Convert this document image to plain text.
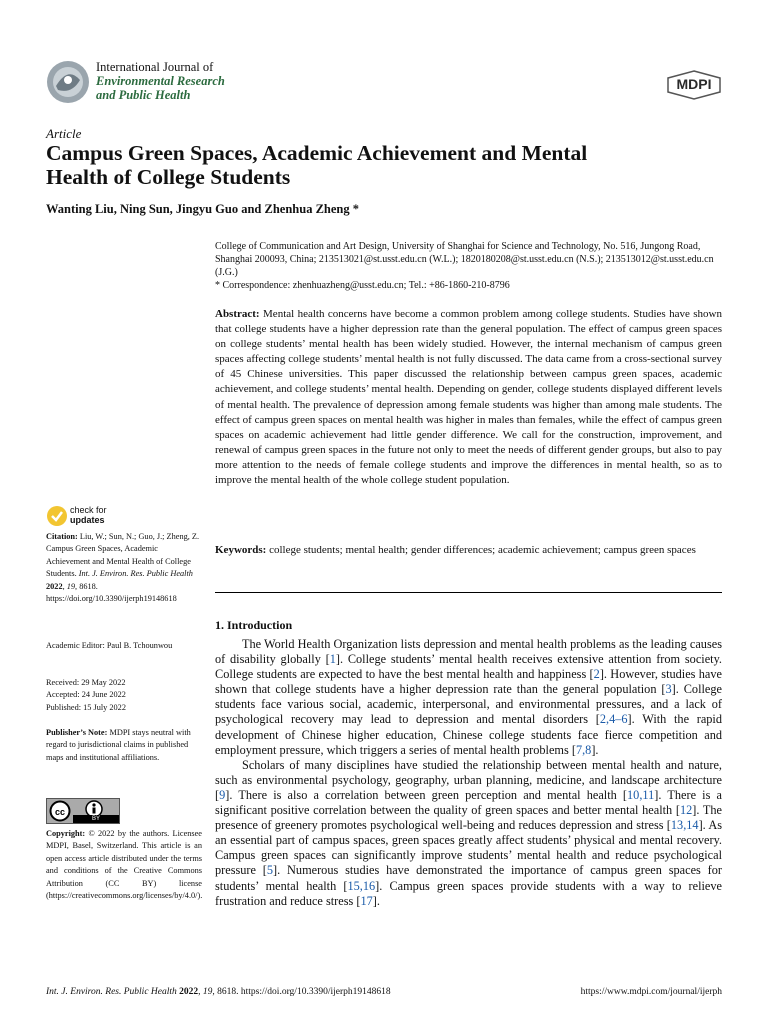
International Journal of
Environmental Research
and Public Health
MDPI
Article
Campus Green Spaces, Academic Achievement and Mental
Health of College Students
Wanting Liu, Ning Sun, Jingyu Guo and Zhenhua Zheng *
College of Communication and Art Design, University of Shanghai for Science and Technology, No. 516, Jungong Road, Shanghai 200093, China; 213513021@st.usst.edu.cn (W.L.); 1820180208@st.usst.edu.cn (N.S.); 213513012@st.usst.edu.cn (J.G.)
* Correspondence: zhenhuazheng@usst.edu.cn; Tel.: +86-1860-210-8796
Abstract: Mental health concerns have become a common problem among college students. Studies have shown that college students have a higher depression rate than the general population. The effect of campus green spaces on college students’ mental health has been widely studied. However, the internal mechanism of campus green spaces affecting college students’ mental health is not fully discussed. The data came from a cross-sectional survey of 45 Chinese universities. This paper discussed the relationship between campus green spaces, academic achievement, and college students’ mental health. Depending on gender, college students displayed different levels of mental health. The prevalence of depression among female students was higher than among male students. The effect of campus green spaces on mental health was higher in males than females, while the effect of campus green spaces on academic achievement had little gender difference. We call for the construction, improvement, and renewal of campus green spaces in the future not only to meet the needs of different gender groups, but also to pay more attention to the needs of female college students and improve the differences in mental health, so as to improve the mental health of the whole college student population.
Keywords: college students; mental health; gender differences; academic achievement; campus green spaces
1. Introduction

The World Health Organization lists depression and mental health problems as the leading causes of disability globally [1]. College students’ mental health receives extensive attention from society. College students are expected to have the best mental health and happiness [2]. However, studies have shown that college students have a higher depression rate than the general population [3]. College students face various social, academic, interpersonal, and environmental pressures, and a lack of psychological recovery may lead to depression and mental disorders [2,4–6]. With the rapid development of Chinese higher education, Chinese college students face fierce competition and employment pressure, which triggers a series of mental health problems [7,8].

Scholars of many disciplines have studied the relationship between mental health and nature, such as environmental psychology, geography, urban planning, medicine, and landscape architecture [9]. There is also a correlation between green perception and mental health [10,11]. There is a significant positive correlation between the quality of green spaces and better mental health [12]. The presence of greenery promotes psychological well-being and reduces depression and stress [13,14]. As an essential part of campus spaces, green spaces greatly affect students’ physical and mental recovery. Campus green spaces can significantly improve students’ mental health and reduce psychological pressure [5]. Numerous studies have demonstrated the importance of campus green spaces for students’ mental health [15,16]. Campus green spaces provide students with a way to relieve frustration and reduce stress [17].

check for
updates
Citation: Liu, W.; Sun, N.; Guo, J.; Zheng, Z. Campus Green Spaces, Academic Achievement and Mental Health of College Students. Int. J. Environ. Res. Public Health 2022, 19, 8618. https://doi.org/10.3390/ijerph19148618
Academic Editor: Paul B. Tchounwou
Received: 29 May 2022
Accepted: 24 June 2022
Published: 15 July 2022
Publisher’s Note: MDPI stays neutral with regard to jurisdictional claims in published maps and institutional affiliations.
cc
BY
Copyright: © 2022 by the authors. Licensee MDPI, Basel, Switzerland. This article is an open access article distributed under the terms and conditions of the Creative Commons Attribution (CC BY) license (https://creativecommons.org/licenses/by/4.0/).
Int. J. Environ. Res. Public Health 2022, 19, 8618. https://doi.org/10.3390/ijerph19148618	https://www.mdpi.com/journal/ijerph
